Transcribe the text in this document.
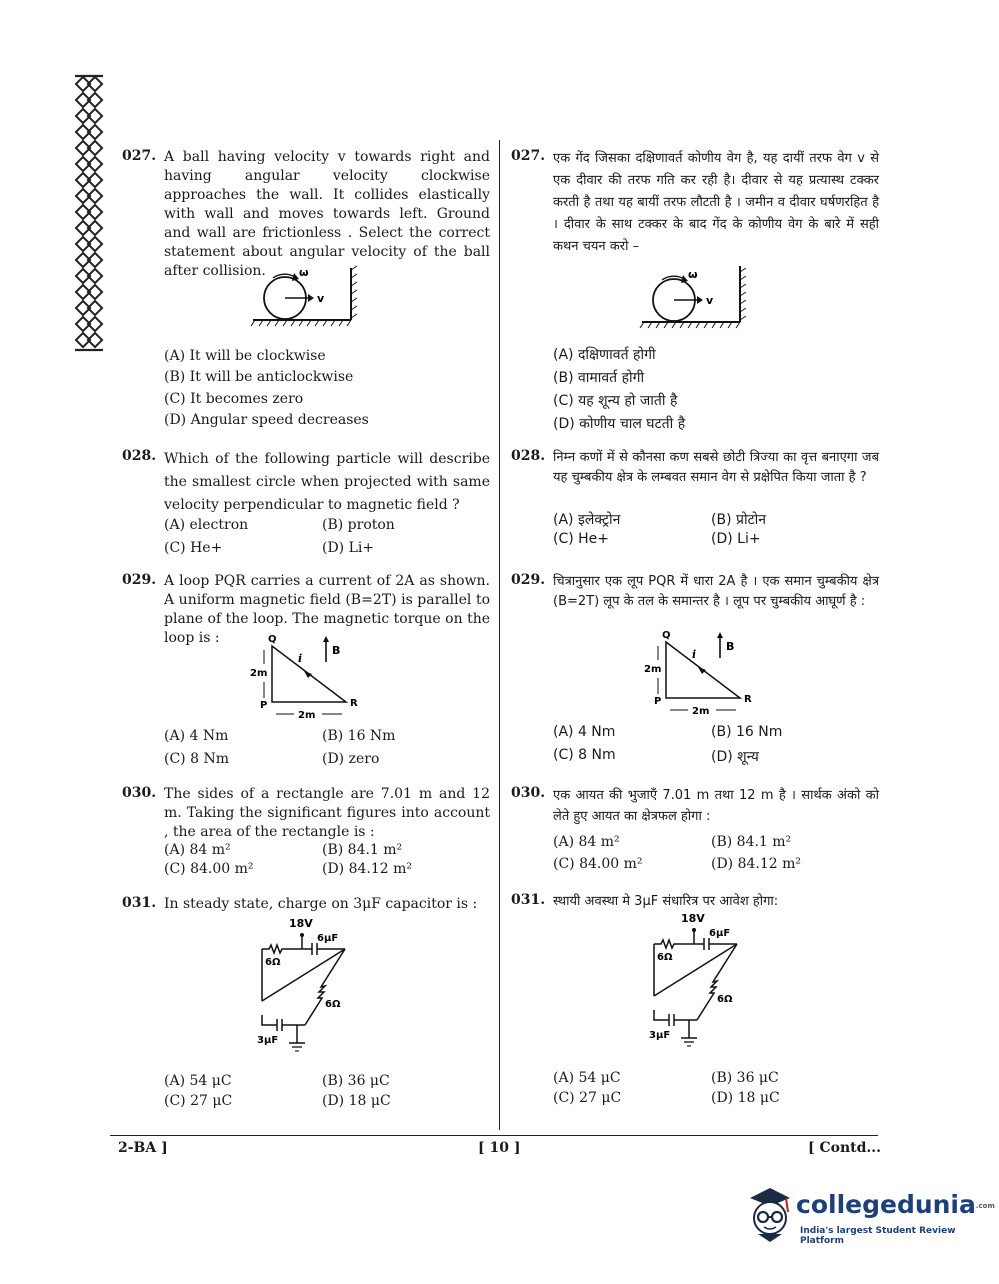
027. A ball having velocity v towards right and having angular velocity clockwise approaches the wall. It collides elastically with wall and moves towards left. Ground and wall are frictionless . Select the correct statement about angular velocity of the ball after collision.	ω
v
(A) It will be clockwise
(B) It will be anticlockwise
(C) It becomes zero
(D) Angular speed decreases
028. Which of the following particle will describe the smallest circle when projected with same velocity perpendicular to magnetic field ?
(A) electron	(B) proton
(C) He+	(D) Li+
029. A loop PQR carries a current of 2A as shown. A uniform magnetic field (B=2T) is parallel to plane of the loop. The magnetic torque on the loop is :	Q
P	R
i
B
2m
2m
(A) 4 Nm	(B) 16 Nm
(C) 8 Nm	(D) zero
030. The sides of a rectangle are 7.01 m and 12 m. Taking the significant figures into account , the area of the rectangle is :
(A) 84 m²	(B) 84.1 m²
(C) 84.00 m²	(D) 84.12 m²
031. In steady state, charge on 3μF capacitor is :
18V
6μF
6Ω
6Ω
3μF
(A) 54 μC	(B) 36 μC
(C) 27 μC	(D) 18 μC
027. एक गेंद जिसका दक्षिणावर्त कोणीय वेग है, यह दायीं तरफ वेग v से एक दीवार की तरफ गति कर रही है। दीवार से यह प्रत्यास्थ टक्कर करती है तथा यह बायीं तरफ लौटती है । जमीन व दीवार घर्षणरहित है । दीवार के साथ टक्कर के बाद गेंद के कोणीय वेग के बारे में सही कथन चयन करो –
ω
v
(A) दक्षिणावर्त होगी
(B) वामावर्त होगी
(C) यह शून्य हो जाती है
(D) कोणीय चाल घटती है
028. निम्न कणों में से कौनसा कण सबसे छोटी त्रिज्या का वृत्त बनाएगा जब यह चुम्बकीय क्षेत्र के लम्बवत समान वेग से प्रक्षेपित किया जाता है ?
(A) इलेक्ट्रोन	(B) प्रोटोन
(C) He+	(D) Li+
029. चित्रानुसार एक लूप PQR में धारा 2A है । एक समान चुम्बकीय क्षेत्र (B=2T) लूप के तल के समान्तर है । लूप पर चुम्बकीय आघूर्ण है :
Q
P	R
i
B
2m
2m
(A) 4 Nm	(B) 16 Nm
(C) 8 Nm	(D) शून्य
030. एक आयत की भुजाएँ 7.01 m तथा 12 m है । सार्थक अंको को लेते हुए आयत का क्षेत्रफल होगा :
(A) 84 m²	(B) 84.1 m²
(C) 84.00 m²	(D) 84.12 m²
031. स्थायी अवस्था मे 3μF संधारित्र पर आवेश होगा:
18V
6μF
6Ω
6Ω
3μF
(A) 54 μC	(B) 36 μC
(C) 27 μC	(D) 18 μC
2-BA ]	[ 10 ]	[ Contd...
collegedunia.com
India's largest Student Review Platform
